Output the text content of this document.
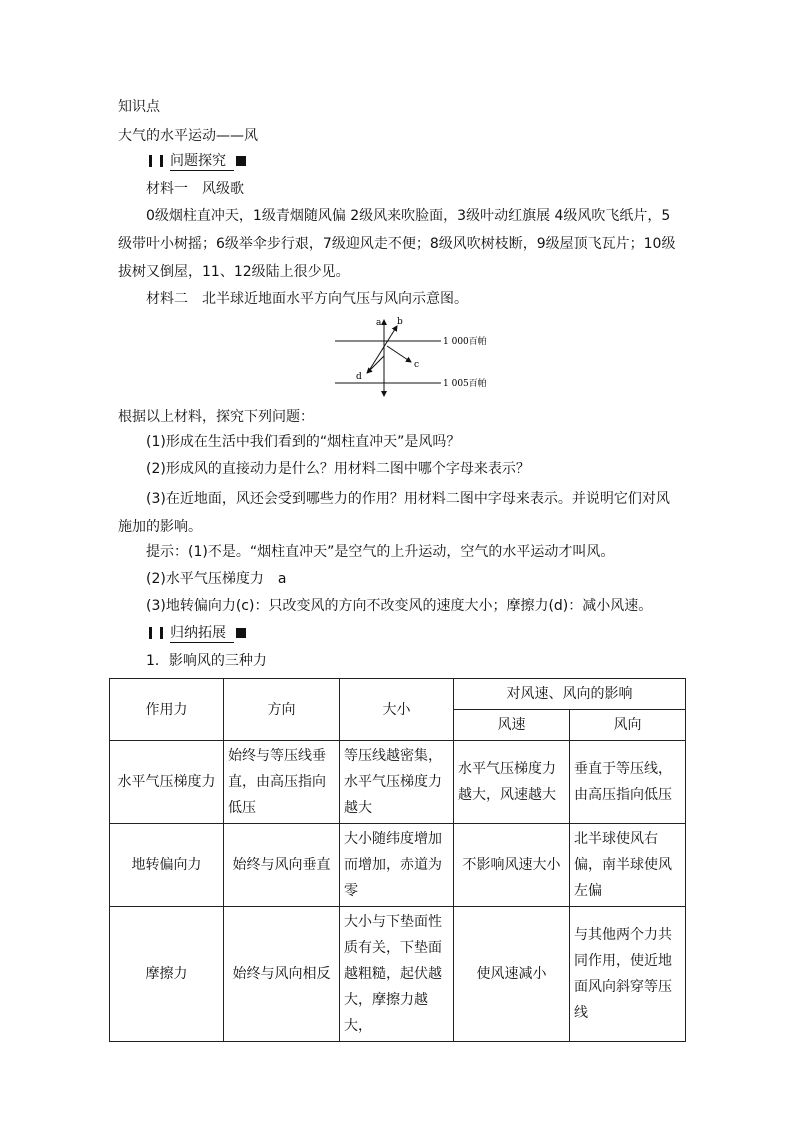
知识点
大气的水平运动——风
问题探究
材料一　风级歌
0级烟柱直冲天，1级青烟随风偏 2级风来吹脸面，3级叶动红旗展 4级风吹飞纸片，5级带叶小树摇；6级举伞步行艰，7级迎风走不便；8级风吹树枝断，9级屋顶飞瓦片；10级拔树又倒屋，11、12级陆上很少见。
材料二　北半球近地面水平方向气压与风向示意图。
a b
c
d
1 000百帕
1 005百帕
根据以上材料，探究下列问题：
(1)形成在生活中我们看到的“烟柱直冲天”是风吗？
(2)形成风的直接动力是什么？用材料二图中哪个字母来表示？
(3)在近地面，风还会受到哪些力的作用？用材料二图中字母来表示。并说明它们对风施加的影响。
提示：(1)不是。“烟柱直冲天”是空气的上升运动，空气的水平运动才叫风。
(2)水平气压梯度力　a
(3)地转偏向力(c)：只改变风的方向不改变风的速度大小；摩擦力(d)：减小风速。
归纳拓展
1．影响风的三种力
作用力	方向	大小	对风速、风向的影响	
			风速	风向
水平气压梯度力	始终与等压线垂直，由高压指向低压	等压线越密集，水平气压梯度力越大	水平气压梯度力越大，风速越大	垂直于等压线，由高压指向低压
地转偏向力	始终与风向垂直	大小随纬度增加而增加，赤道为零	不影响风速大小	北半球使风右偏，南半球使风左偏
摩擦力	始终与风向相反	大小与下垫面性质有关，下垫面越粗糙，起伏越大，摩擦力越大，	使风速减小	与其他两个力共同作用，使近地面风向斜穿等压线
